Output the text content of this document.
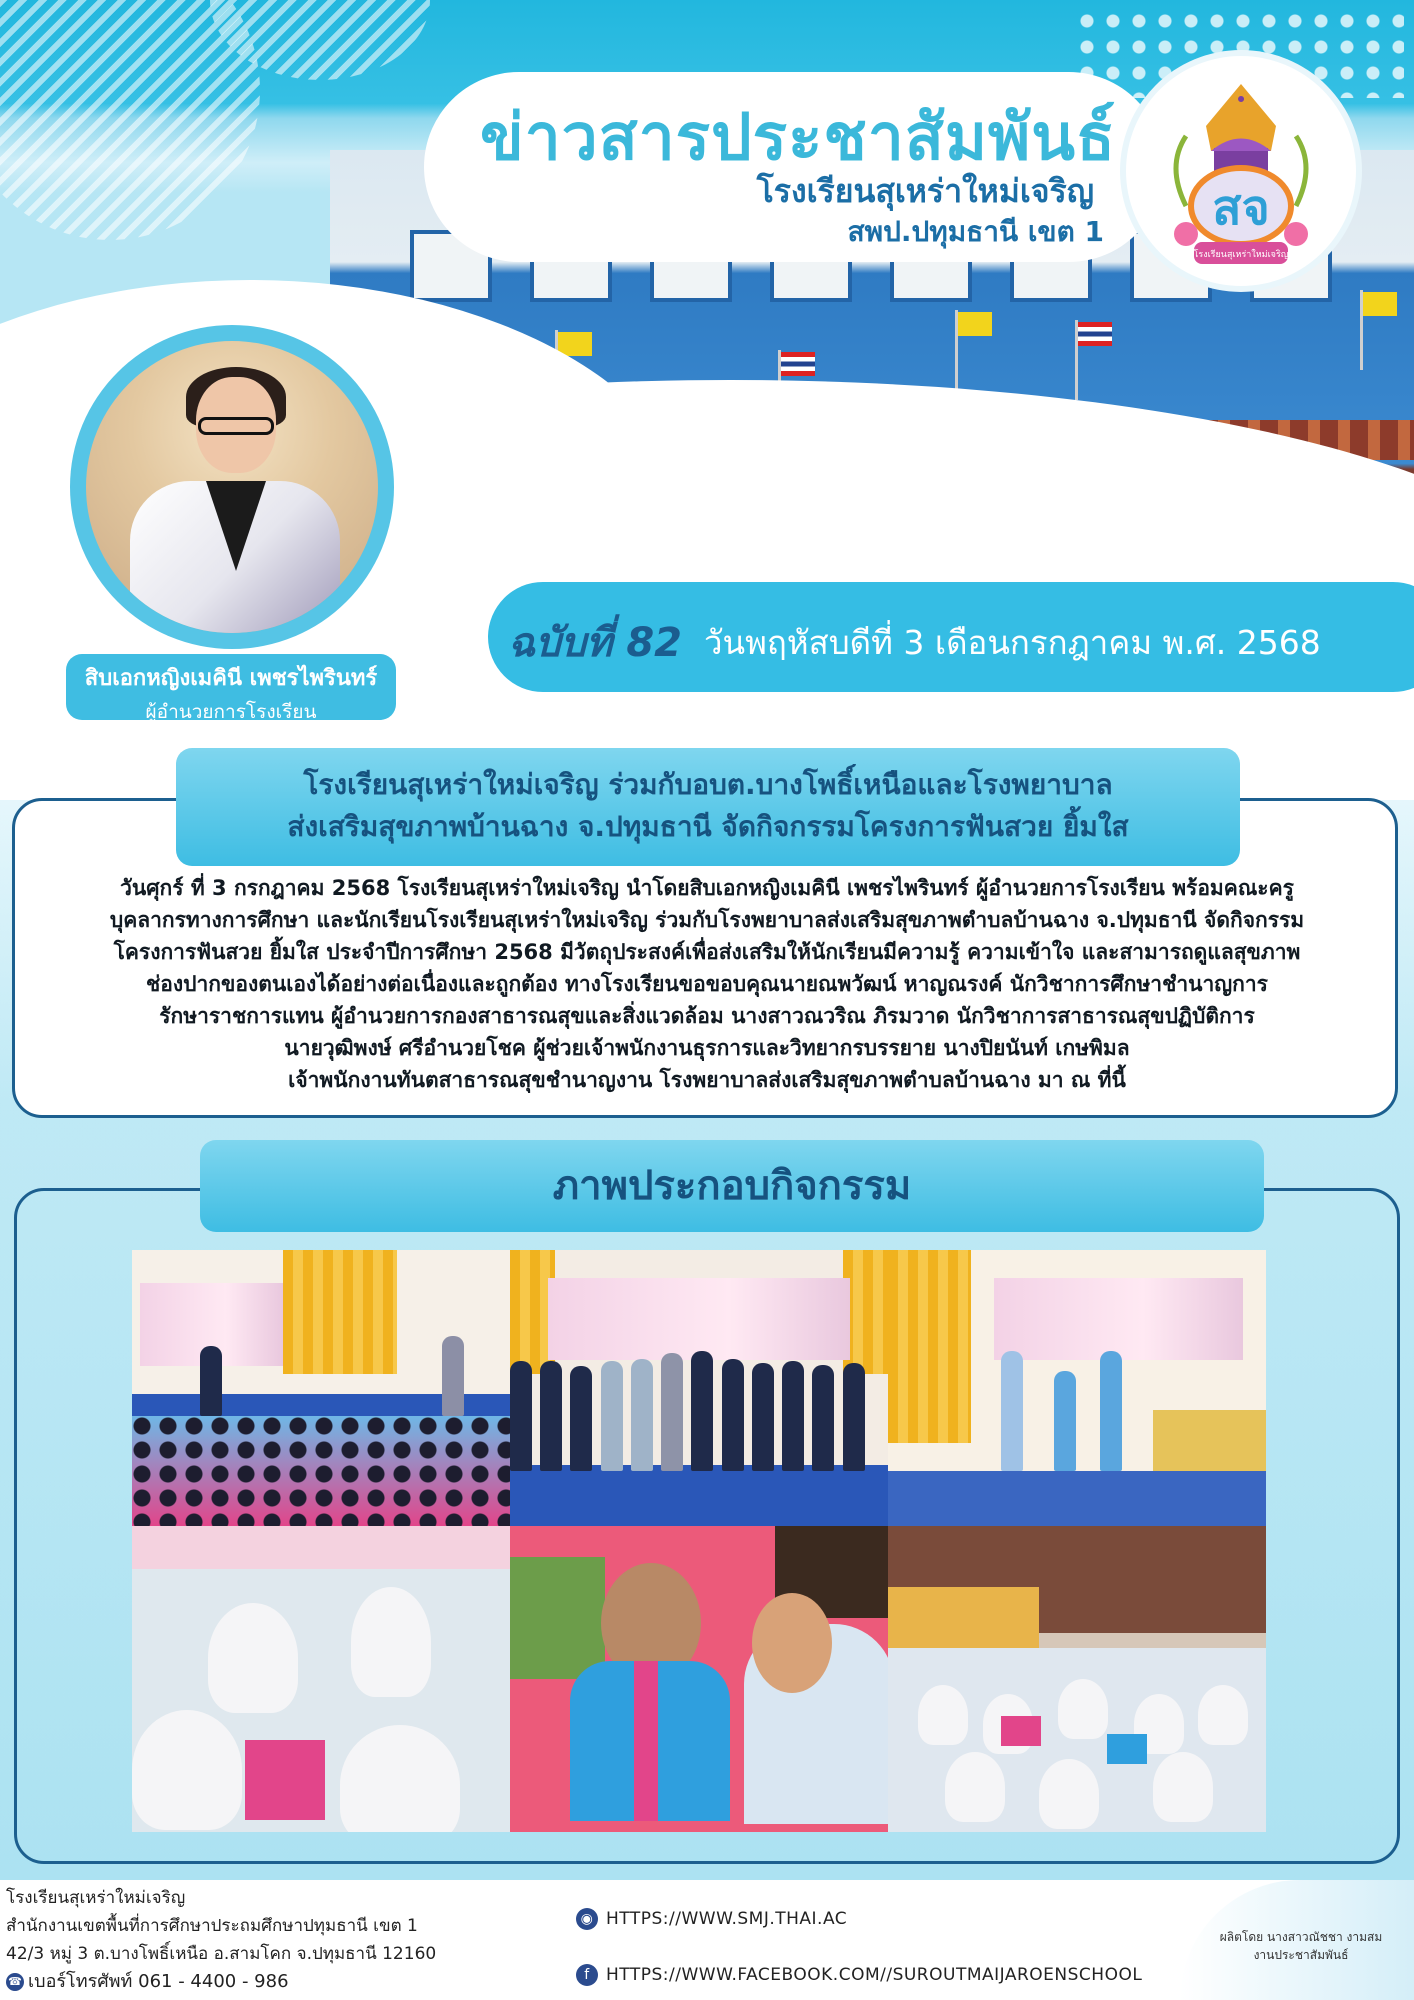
ข่าวสารประชาสัมพันธ์
โรงเรียนสุเหร่าใหม่เจริญ
สพป.ปทุมธานี เขต 1 สจ
โรงเรียนสุเหร่าใหม่เจริญ
สิบเอกหญิงเมคินี เพชรไพรินทร์
ผู้อำนวยการโรงเรียน
ฉบับที่ 82 วันพฤหัสบดีที่ 3 เดือนกรกฎาคม พ.ศ. 2568
โรงเรียนสุเหร่าใหม่เจริญ ร่วมกับอบต.บางโพธิ์เหนือและโรงพยาบาล
ส่งเสริมสุขภาพบ้านฉาง จ.ปทุมธานี จัดกิจกรรมโครงการฟันสวย ยิ้มใส
วันศุกร์ ที่ 3 กรกฎาคม 2568 โรงเรียนสุเหร่าใหม่เจริญ นำโดยสิบเอกหญิงเมคินี เพชรไพรินทร์ ผู้อำนวยการโรงเรียน พร้อมคณะครู
บุคลากรทางการศึกษา และนักเรียนโรงเรียนสุเหร่าใหม่เจริญ ร่วมกับโรงพยาบาลส่งเสริมสุขภาพตำบลบ้านฉาง จ.ปทุมธานี จัดกิจกรรม
โครงการฟันสวย ยิ้มใส ประจำปีการศึกษา 2568 มีวัตถุประสงค์เพื่อส่งเสริมให้นักเรียนมีความรู้ ความเข้าใจ และสามารถดูแลสุขภาพ
ช่องปากของตนเองได้อย่างต่อเนื่องและถูกต้อง ทางโรงเรียนขอขอบคุณนายณพวัฒน์ หาญณรงค์ นักวิชาการศึกษาชำนาญการ
รักษาราชการแทน ผู้อำนวยการกองสาธารณสุขและสิ่งแวดล้อม นางสาวณวริณ ภิรมวาด นักวิชาการสาธารณสุขปฏิบัติการ
นายวุฒิพงษ์ ศรีอำนวยโชค ผู้ช่วยเจ้าพนักงานธุรการและวิทยากรบรรยาย นางปิยนันท์ เกษพิมล
เจ้าพนักงานทันตสาธารณสุขชำนาญงาน โรงพยาบาลส่งเสริมสุขภาพตำบลบ้านฉาง มา ณ ที่นี้
ภาพประกอบกิจกรรม
โรงเรียนสุเหร่าใหม่เจริญ
สำนักงานเขตพื้นที่การศึกษาประถมศึกษาปทุมธานี เขต 1
42/3 หมู่ 3 ต.บางโพธิ์เหนือ อ.สามโคก จ.ปทุมธานี 12160
☎ เบอร์โทรศัพท์ 061 - 4400 - 986
◉ HTTPS://WWW.SMJ.THAI.AC
f HTTPS://WWW.FACEBOOK.COM//SUROUTMAIJAROENSCHOOL
ผลิตโดย นางสาวณัชชา งามสม
งานประชาสัมพันธ์
